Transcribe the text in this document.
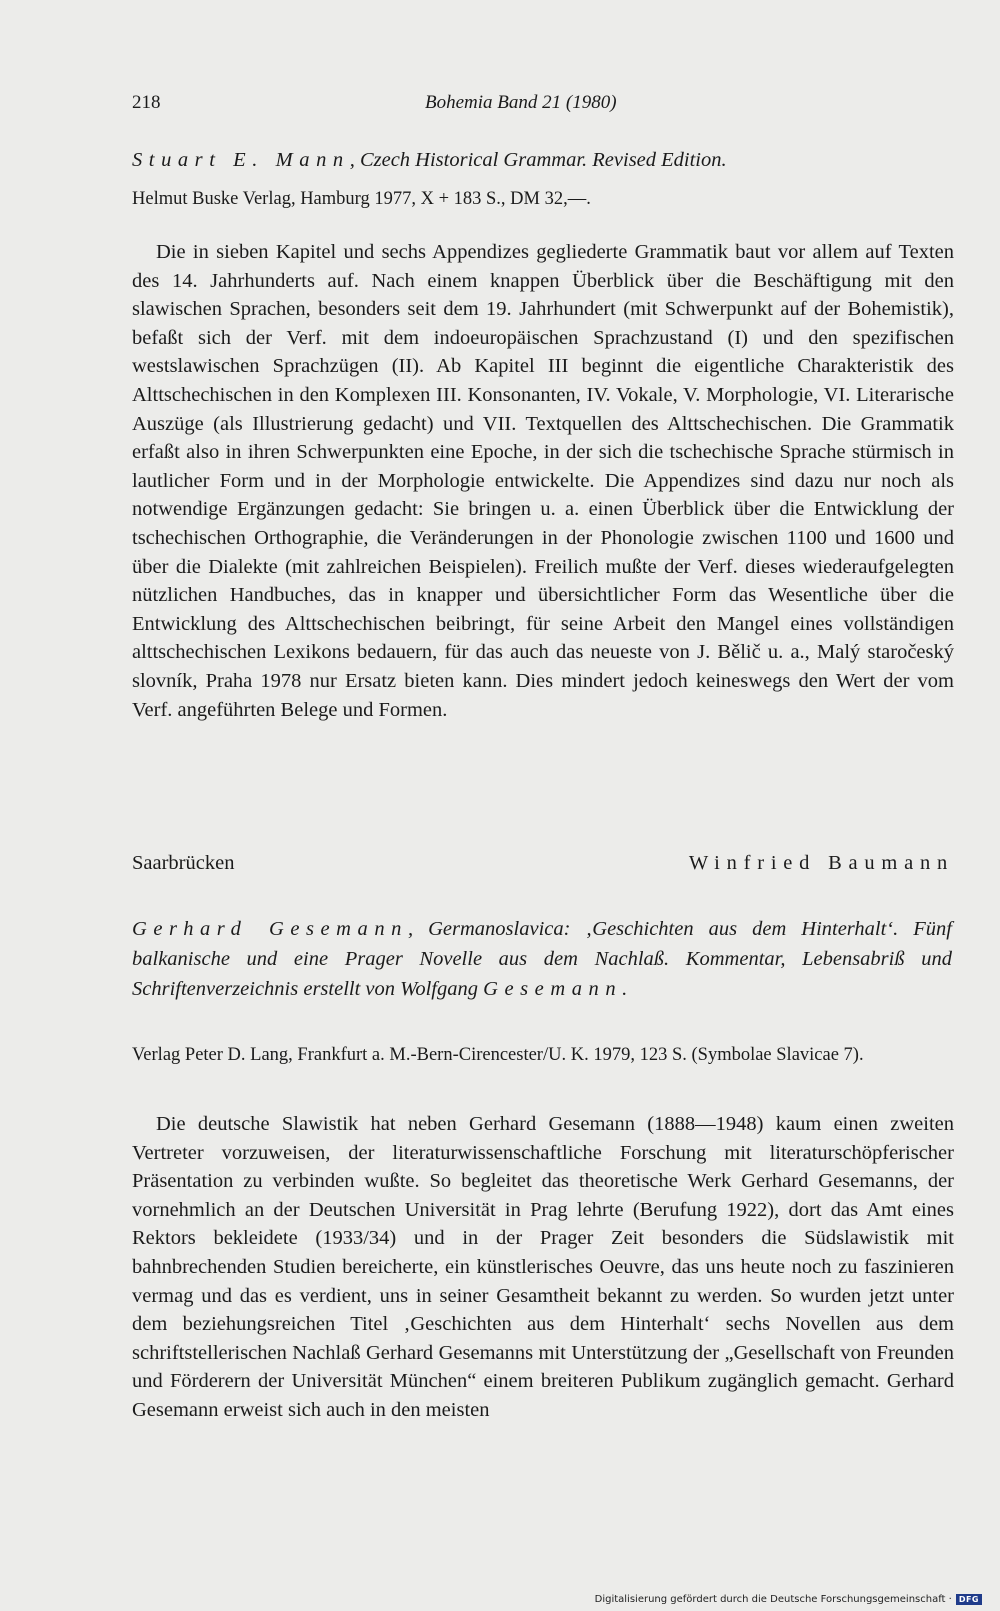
218	Bohemia Band 21 (1980)
Stuart E. Mann, Czech Historical Grammar. Revised Edition.
Helmut Buske Verlag, Hamburg 1977, X + 183 S., DM 32,—.
Die in sieben Kapitel und sechs Appendizes gegliederte Grammatik baut vor allem auf Texten des 14. Jahrhunderts auf. Nach einem knappen Überblick über die Beschäftigung mit den slawischen Sprachen, besonders seit dem 19. Jahrhundert (mit Schwerpunkt auf der Bohemistik), befaßt sich der Verf. mit dem indoeuropäischen Sprachzustand (I) und den spezifischen westslawischen Sprachzügen (II). Ab Kapitel III beginnt die eigentliche Charakteristik des Alttschechischen in den Komplexen III. Konsonanten, IV. Vokale, V. Morphologie, VI. Literarische Auszüge (als Illustrierung gedacht) und VII. Textquellen des Alttschechischen. Die Grammatik erfaßt also in ihren Schwerpunkten eine Epoche, in der sich die tschechische Sprache stürmisch in lautlicher Form und in der Morphologie entwickelte. Die Appendizes sind dazu nur noch als notwendige Ergänzungen gedacht: Sie bringen u. a. einen Überblick über die Entwicklung der tschechischen Orthographie, die Veränderungen in der Phonologie zwischen 1100 und 1600 und über die Dialekte (mit zahlreichen Beispielen). Freilich mußte der Verf. dieses wiederaufgelegten nützlichen Handbuches, das in knapper und übersichtlicher Form das Wesentliche über die Entwicklung des Alttschechischen beibringt, für seine Arbeit den Mangel eines vollständigen alttschechischen Lexikons bedauern, für das auch das neueste von J. Bělič u. a., Malý staročeský slovník, Praha 1978 nur Ersatz bieten kann. Dies mindert jedoch keineswegs den Wert der vom Verf. angeführten Belege und Formen.
Saarbrücken	Winfried Baumann
Gerhard Gesemann, Germanoslavica: ‚Geschichten aus dem Hinterhalt‘. Fünf balkanische und eine Prager Novelle aus dem Nachlaß. Kommentar, Lebensabriß und Schriftenverzeichnis erstellt von Wolfgang Gesemann.
Verlag Peter D. Lang, Frankfurt a. M.-Bern-Cirencester/U. K. 1979, 123 S. (Symbolae Slavicae 7).
Die deutsche Slawistik hat neben Gerhard Gesemann (1888—1948) kaum einen zweiten Vertreter vorzuweisen, der literaturwissenschaftliche Forschung mit literaturschöpferischer Präsentation zu verbinden wußte. So begleitet das theoretische Werk Gerhard Gesemanns, der vornehmlich an der Deutschen Universität in Prag lehrte (Berufung 1922), dort das Amt eines Rektors bekleidete (1933/34) und in der Prager Zeit besonders die Südslawistik mit bahnbrechenden Studien bereicherte, ein künstlerisches Oeuvre, das uns heute noch zu faszinieren vermag und das es verdient, uns in seiner Gesamtheit bekannt zu werden. So wurden jetzt unter dem beziehungsreichen Titel ‚Geschichten aus dem Hinterhalt‘ sechs Novellen aus dem schriftstellerischen Nachlaß Gerhard Gesemanns mit Unterstützung der „Gesellschaft von Freunden und Förderern der Universität München“ einem breiteren Publikum zugänglich gemacht. Gerhard Gesemann erweist sich auch in den meisten
Digitalisierung gefördert durch die Deutsche Forschungsgemeinschaft · DFG
